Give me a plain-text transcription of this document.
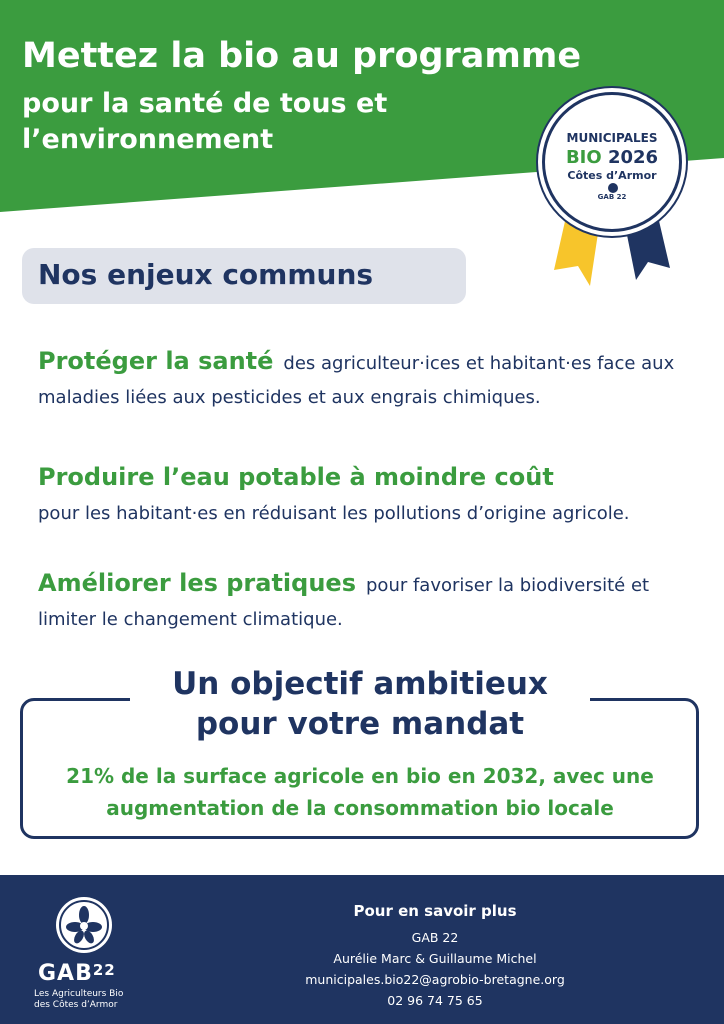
Mettez la bio au programme
pour la santé de tous et l’environnement	MUNICIPALES
BIO 2026
Côtes d’Armor
GAB 22
Nos enjeux communs
Protéger la santé des agriculteur·ices et habitant·es face aux maladies liées aux pesticides et aux engrais chimiques.
Produire l’eau potable à moindre coût
pour les habitant·es en réduisant les pollutions d’origine agricole.
Améliorer les pratiques pour favoriser la biodiversité et limiter le changement climatique.
Un objectif ambitieux
pour votre mandat
21% de la surface agricole en bio en 2032, avec une augmentation de la consommation bio locale
GAB$^{22}$
Les Agriculteurs Bio
des Côtes d’Armor
Pour en savoir plus
GAB 22
Aurélie Marc & Guillaume Michel
municipales.bio22@agrobio-bretagne.org
02 96 74 75 65
